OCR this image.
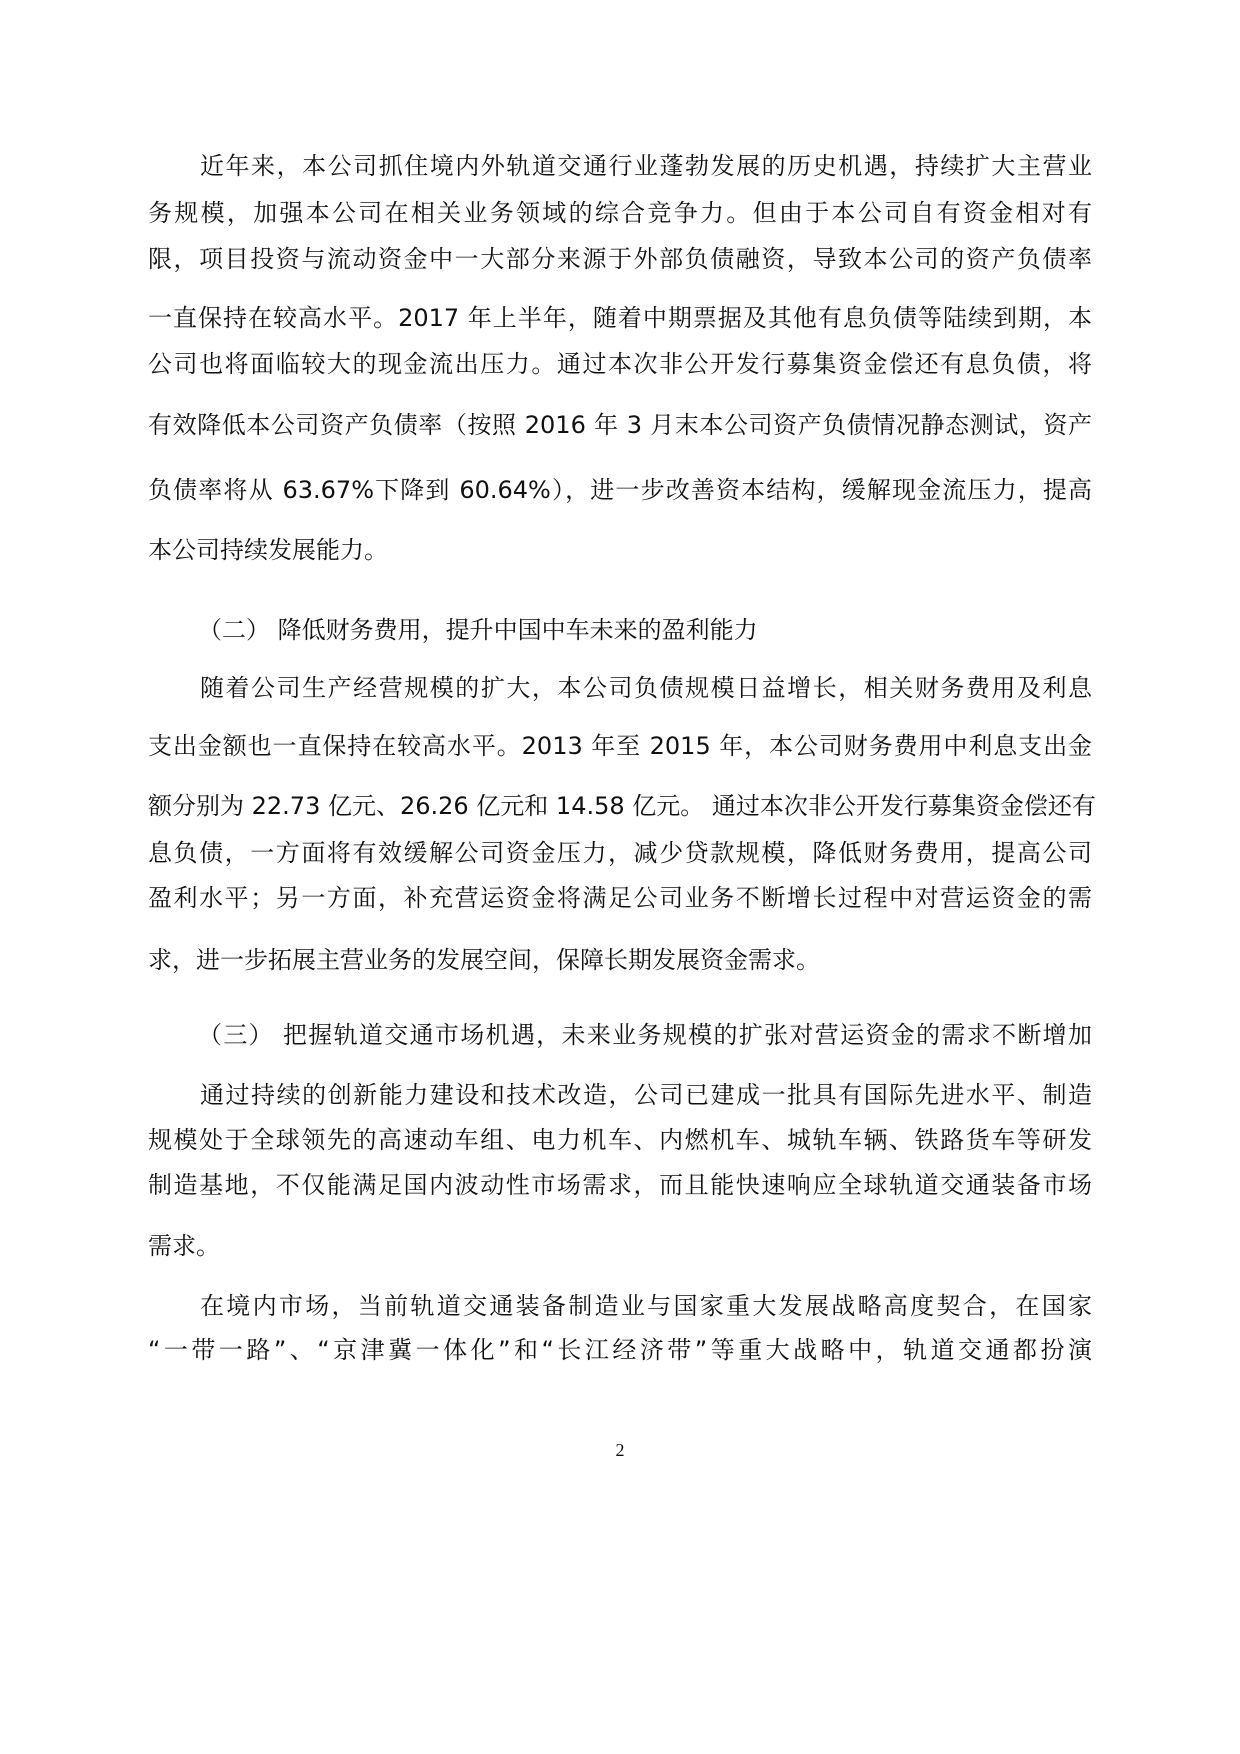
近年来，本公司抓住境内外轨道交通行业蓬勃发展的历史机遇，持续扩大主营业
务规模，加强本公司在相关业务领域的综合竞争力。但由于本公司自有资金相对有
限，项目投资与流动资金中一大部分来源于外部负债融资，导致本公司的资产负债率
一直保持在较高水平。2017 年上半年，随着中期票据及其他有息负债等陆续到期，本
公司也将面临较大的现金流出压力。通过本次非公开发行募集资金偿还有息负债，将
有效降低本公司资产负债率（按照 2016 年 3 月末本公司资产负债情况静态测试，资产
负债率将从 63.67%下降到 60.64%），进一步改善资本结构，缓解现金流压力，提高
本公司持续发展能力。
（二） 降低财务费用，提升中国中车未来的盈利能力
随着公司生产经营规模的扩大，本公司负债规模日益增长，相关财务费用及利息
支出金额也一直保持在较高水平。2013 年至 2015 年，本公司财务费用中利息支出金
额分别为 22.73 亿元、26.26 亿元和 14.58 亿元。 通过本次非公开发行募集资金偿还有
息负债，一方面将有效缓解公司资金压力，减少贷款规模，降低财务费用，提高公司
盈利水平；另一方面，补充营运资金将满足公司业务不断增长过程中对营运资金的需
求，进一步拓展主营业务的发展空间，保障长期发展资金需求。
（三） 把握轨道交通市场机遇，未来业务规模的扩张对营运资金的需求不断增加
通过持续的创新能力建设和技术改造，公司已建成一批具有国际先进水平、制造
规模处于全球领先的高速动车组、电力机车、内燃机车、城轨车辆、铁路货车等研发
制造基地，不仅能满足国内波动性市场需求，而且能快速响应全球轨道交通装备市场
需求。
在境内市场，当前轨道交通装备制造业与国家重大发展战略高度契合，在国家
“一带一路”、“京津冀一体化”和“长江经济带”等重大战略中，轨道交通都扮演
2
